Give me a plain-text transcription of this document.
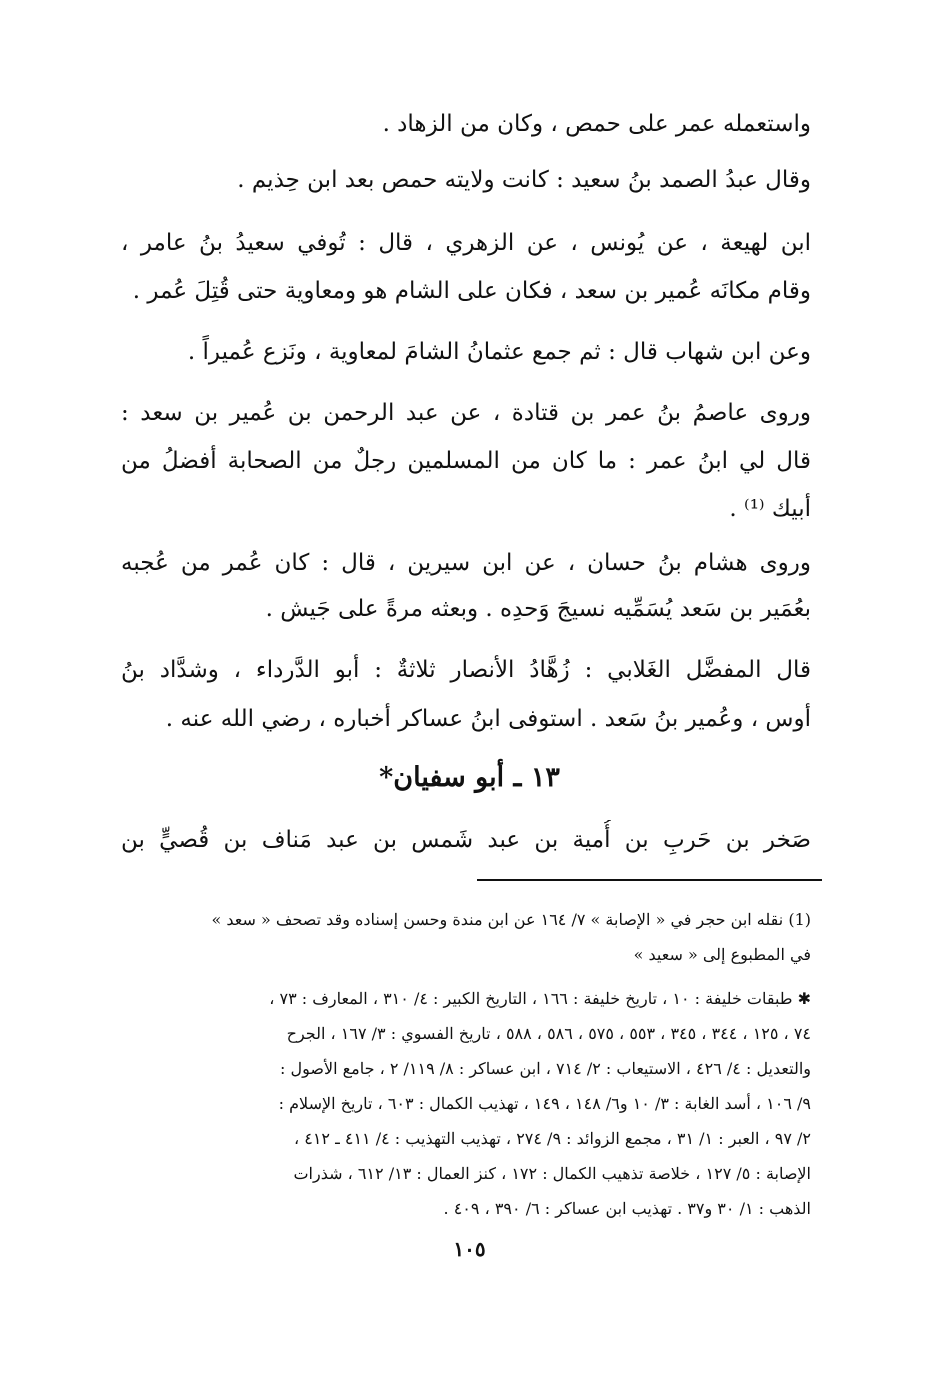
واستعمله عمر على حمص ، وكان من الزهاد .
وقال عبدُ الصمد بنُ سعيد : كانت ولايته حمص بعد ابن حِذيم .
ابن لهيعة ، عن يُونس ، عن الزهري ، قال : تُوفي سعيدُ بنُ عامر ،
وقام مكانَه عُمير بن سعد ، فكان على الشام هو ومعاوية حتى قُتِلَ عُمر .
وعن ابن شهاب قال : ثم جمع عثمانُ الشامَ لمعاوية ، ونَزع عُميراً .
وروى عاصمُ بنُ عمر بن قتادة ، عن عبد الرحمن بن عُمير بن سعد :
قال لي ابنُ عمر : ما كان من المسلمين رجلٌ من الصحابة أفضلُ من
أبيك ⁽¹⁾ .
وروى هشام بنُ حسان ، عن ابن سيرين ، قال : كان عُمر من عُجبه
بعُمَير بن سَعد يُسَمِّيه نسيجَ وَحدِه . وبعثه مرةً على جَيش .
قال المفضَّل الغَلابي : زُهَّادُ الأنصار ثلاثةٌ : أبو الدَّرداء ، وشدَّاد بنُ
أوس ، وعُمير بنُ سَعد . استوفى ابنُ عساكر أخباره ، رضي الله عنه .
١٣ ـ أبو سفيان*
صَخر بن حَربِ بن أُمية بن عبد شَمس بن عبد مَناف بن قُصيٍّ بن
(1) نقله ابن حجر في « الإصابة » ٧/ ١٦٤ عن ابن مندة وحسن إسناده وقد تصحف « سعد »
في المطبوع إلى « سعيد »
✱ طبقات خليفة : ١٠ ، تاريخ خليفة : ١٦٦ ، التاريخ الكبير : ٤/ ٣١٠ ، المعارف : ٧٣ ،
٧٤ ، ١٢٥ ، ٣٤٤ ، ٣٤٥ ، ٥٥٣ ، ٥٧٥ ، ٥٨٦ ، ٥٨٨ ، تاريخ الفسوي : ٣/ ١٦٧ ، الجرح
والتعديل : ٤/ ٤٢٦ ، الاستيعاب : ٢/ ٧١٤ ، ابن عساكر : ٨/ ١١٩/ ٢ ، جامع الأصول :
٩/ ١٠٦ ، أسد الغابة : ٣/ ١٠ و٦/ ١٤٨ ، ١٤٩ ، تهذيب الكمال : ٦٠٣ ، تاريخ الإسلام :
٢/ ٩٧ ، العبر : ١/ ٣١ ، مجمع الزوائد : ٩/ ٢٧٤ ، تهذيب التهذيب : ٤/ ٤١١ ـ ٤١٢ ،
الإصابة : ٥/ ١٢٧ ، خلاصة تذهيب الكمال : ١٧٢ ، كنز العمال : ١٣/ ٦١٢ ، شذرات
الذهب : ١/ ٣٠ و٣٧ . تهذيب ابن عساكر : ٦/ ٣٩٠ ، ٤٠٩ .
١٠٥
